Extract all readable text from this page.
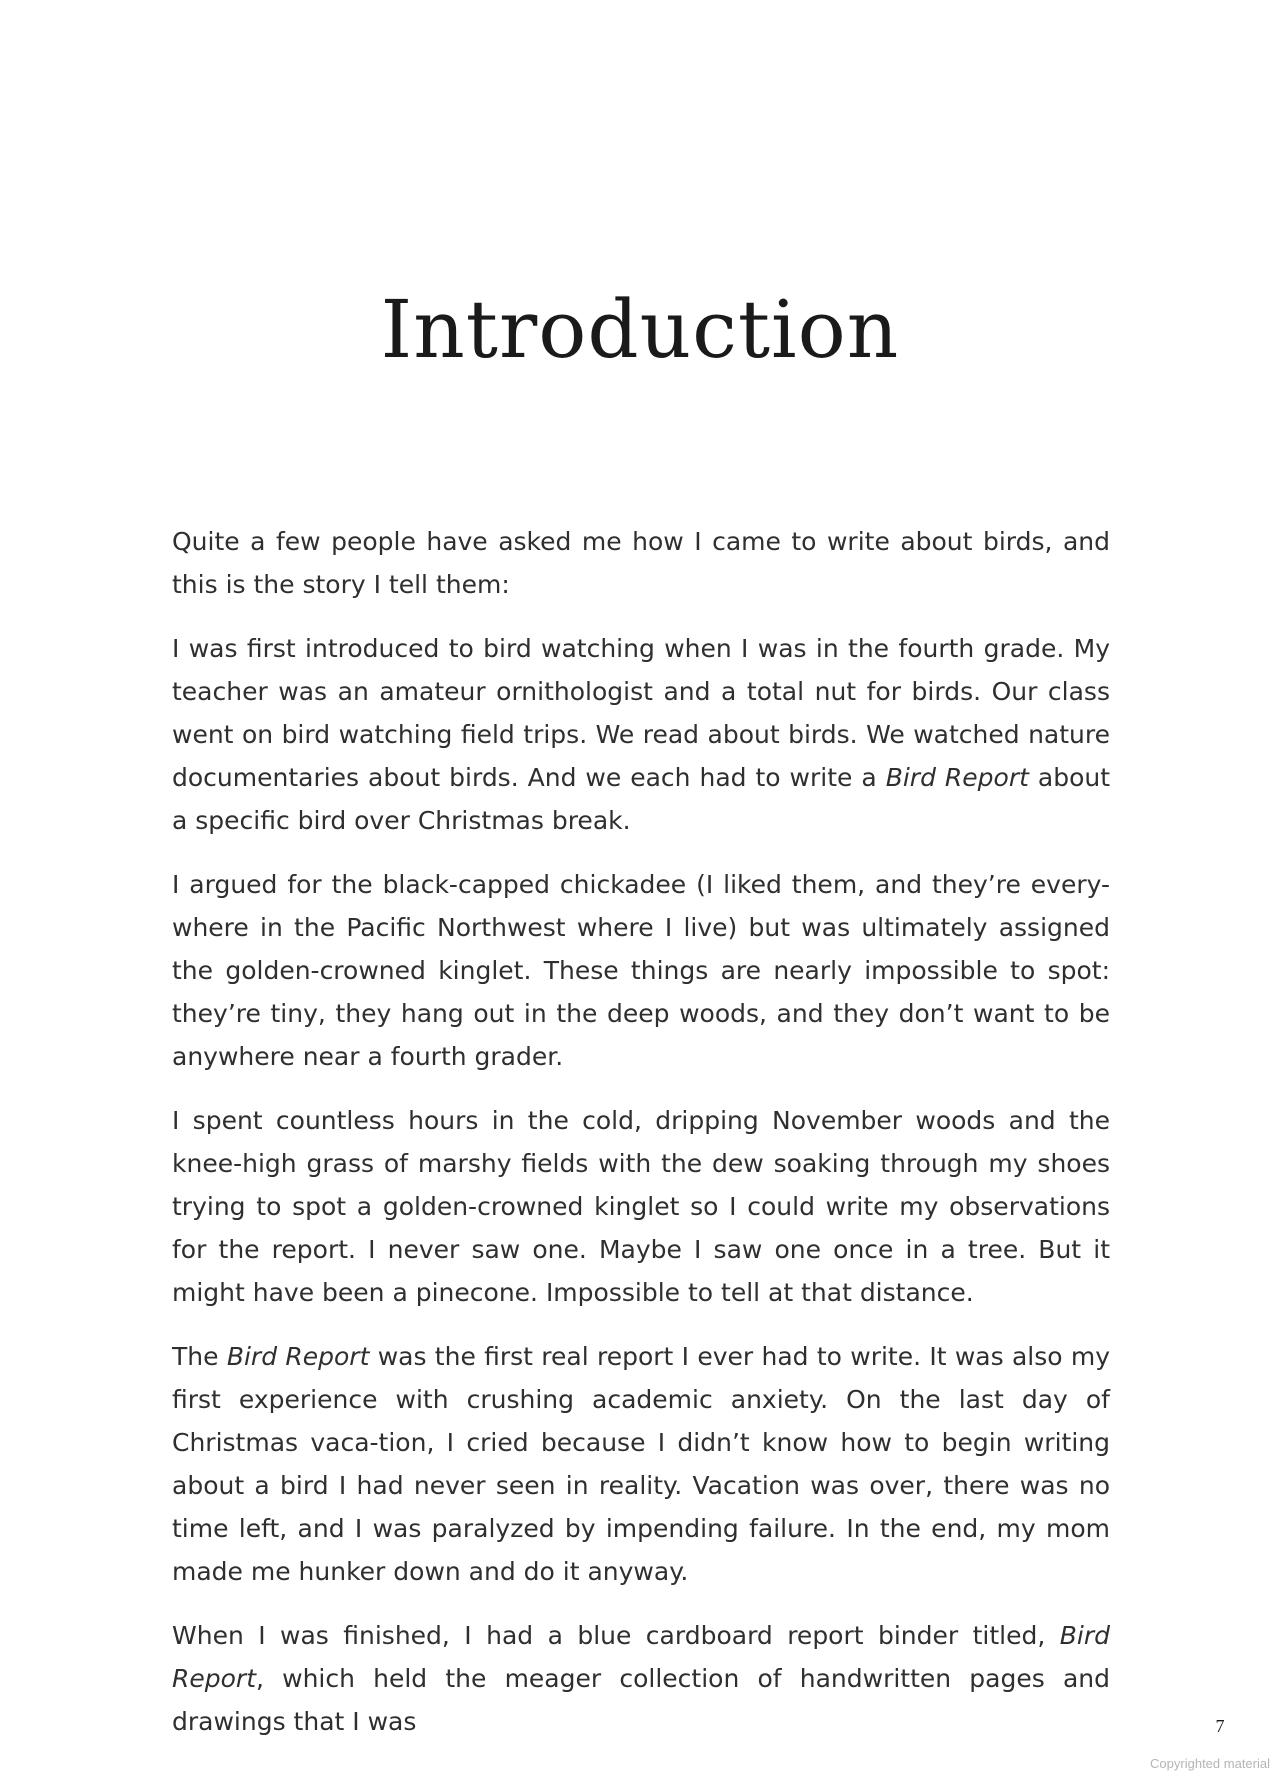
Introduction

Quite a few people have asked me how I came to write about birds, and this is the story I tell them:

I was first introduced to bird watching when I was in the fourth grade. My teacher was an amateur ornithologist and a total nut for birds. Our class went on bird watching field trips. We read about birds. We watched nature documentaries about birds. And we each had to write a Bird Report about a specific bird over Christmas break.

I argued for the black-capped chickadee (I liked them, and they’re every-where in the Pacific Northwest where I live) but was ultimately assigned the golden-crowned kinglet. These things are nearly impossible to spot: they’re tiny, they hang out in the deep woods, and they don’t want to be anywhere near a fourth grader.

I spent countless hours in the cold, dripping November woods and the knee-high grass of marshy fields with the dew soaking through my shoes trying to spot a golden-crowned kinglet so I could write my observations for the report. I never saw one. Maybe I saw one once in a tree. But it might have been a pinecone. Impossible to tell at that distance.

The Bird Report was the first real report I ever had to write. It was also my first experience with crushing academic anxiety. On the last day of Christmas vaca-tion, I cried because I didn’t know how to begin writing about a bird I had never seen in reality. Vacation was over, there was no time left, and I was paralyzed by impending failure. In the end, my mom made me hunker down and do it anyway.

When I was finished, I had a blue cardboard report binder titled, Bird Report, which held the meager collection of handwritten pages and drawings that I was	7
Copyrighted material
